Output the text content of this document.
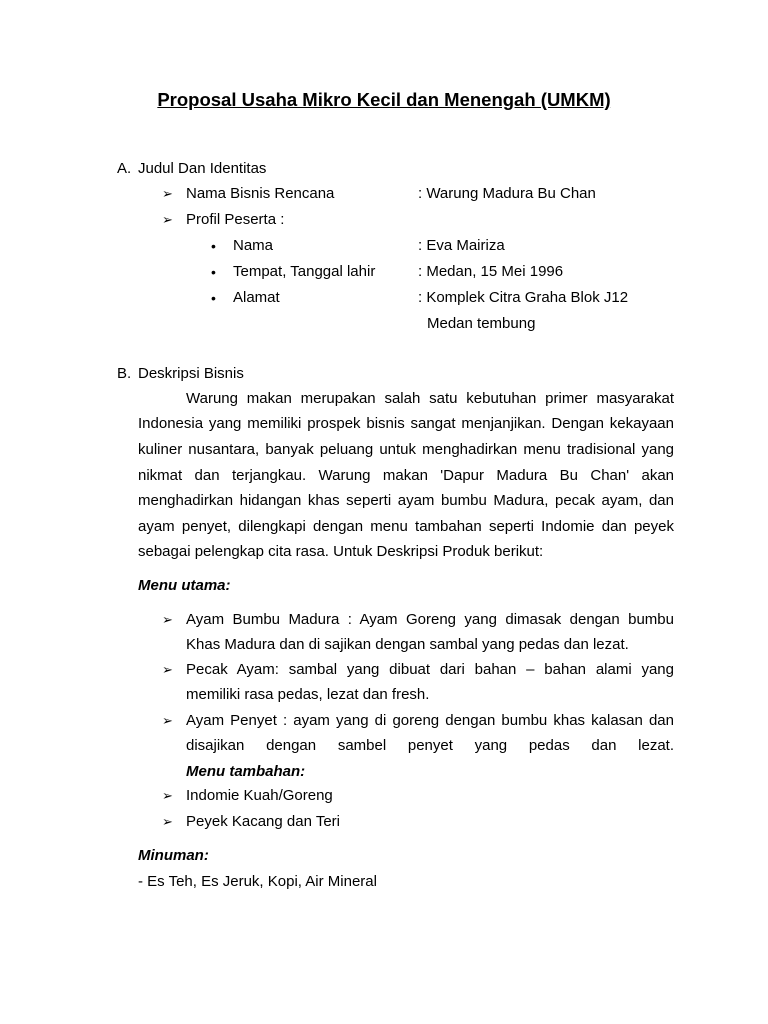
Proposal Usaha Mikro Kecil dan Menengah (UMKM)
A. Judul Dan Identitas
➢ Nama Bisnis Rencana	: Warung Madura Bu Chan
➢ Profil Peserta :
• Nama	: Eva Mairiza
• Tempat, Tanggal lahir	: Medan, 15 Mei 1996
• Alamat	: Komplek Citra Graha Blok J12
Medan tembung
B. Deskripsi Bisnis
Warung makan merupakan salah satu kebutuhan primer masyarakat
Indonesia yang memiliki prospek bisnis sangat menjanjikan. Dengan kekayaan
kuliner nusantara, banyak peluang untuk menghadirkan menu tradisional yang
nikmat dan terjangkau. Warung makan 'Dapur Madura Bu Chan' akan
menghadirkan hidangan khas seperti ayam bumbu Madura, pecak ayam, dan
ayam penyet, dilengkapi dengan menu tambahan seperti Indomie dan peyek
sebagai pelengkap cita rasa. Untuk Deskripsi Produk berikut:
Menu utama:
➢ Ayam Bumbu Madura : Ayam Goreng yang dimasak dengan bumbu
Khas Madura dan di sajikan dengan sambal yang pedas dan lezat.
➢ Pecak Ayam: sambal yang dibuat dari bahan – bahan alami yang
memiliki rasa pedas, lezat dan fresh.
➢ Ayam Penyet : ayam yang di goreng dengan bumbu khas kalasan dan
disajikan dengan sambel penyet yang pedas dan lezat.
Menu tambahan:
➢ Indomie Kuah/Goreng
➢ Peyek Kacang dan Teri
Minuman:
- Es Teh, Es Jeruk, Kopi, Air Mineral
